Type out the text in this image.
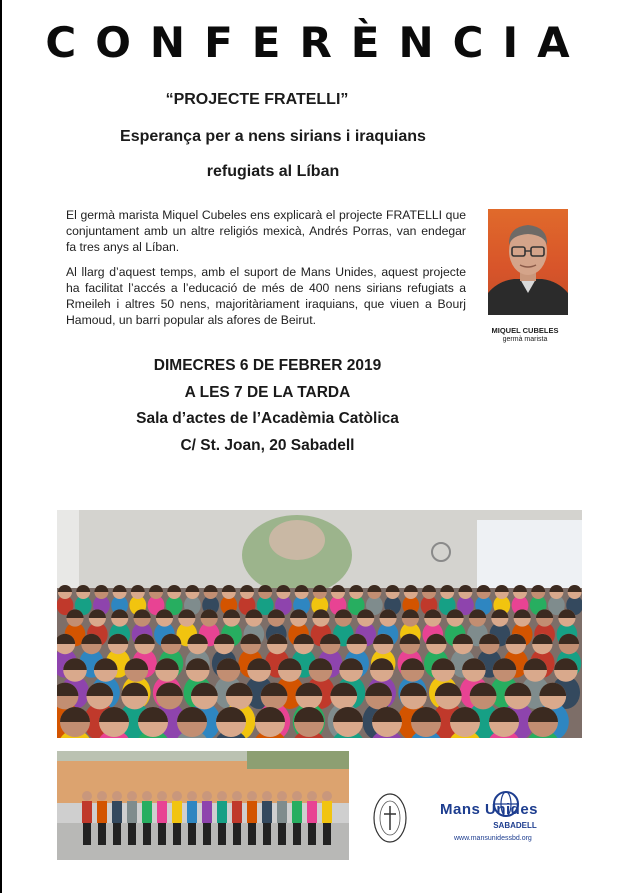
CONFERÈNCIA
“PROJECTE FRATELLI”
Esperança per a nens sirians i iraquians
refugiats al Líban
El germà marista Miquel Cubeles ens explicarà el projecte FRATELLI que conjuntament amb un altre religiós mexicà, Andrés Porras, van endegar fa tres anys al Líban.
Al llarg d’aquest temps, amb el suport de Mans Unides, aquest projecte ha facilitat l’accés a l’educació de més de 400 nens sirians refugiats a Rmeileh i altres 50 nens, majoritàriament iraquians, que viuen a Bourj Hamoud, un barri popular als afores de Beirut.
MIQUEL CUBELES
germà marista
DIMECRES 6 DE FEBRER 2019
A LES 7 DE LA TARDA
Sala d’actes de l’Acadèmia Catòlica
C/ St. Joan, 20 Sabadell
Mans Unides
SABADELL
www.mansunidessbd.org
